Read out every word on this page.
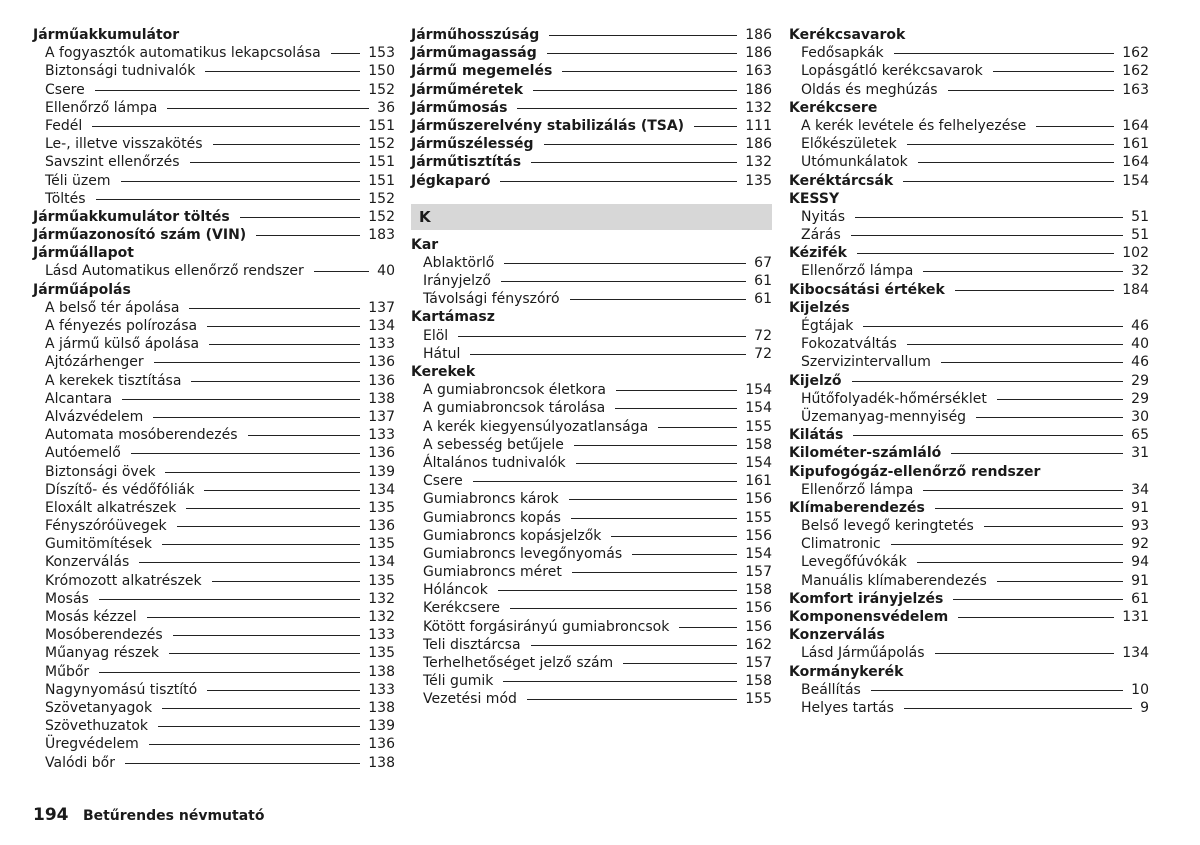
Járműakkumulátor
A fogyasztók automatikus lekapcsolása	153
Biztonsági tudnivalók	150
Csere	152
Ellenőrző lámpa	36
Fedél	151
Le-, illetve visszakötés	152
Savszint ellenőrzés	151
Téli üzem	151
Töltés	152
Járműakkumulátor töltés	152
Járműazonosító szám (VIN)	183
Járműállapot
Lásd Automatikus ellenőrző rendszer	40
Járműápolás
A belső tér ápolása	137
A fényezés polírozása	134
A jármű külső ápolása	133
Ajtózárhenger	136
A kerekek tisztítása	136
Alcantara	138
Alvázvédelem	137
Automata mosóberendezés	133
Autóemelő	136
Biztonsági övek	139
Díszítő- és védőfóliák	134
Eloxált alkatrészek	135
Fényszóróüvegek	136
Gumitömítések	135
Konzerválás	134
Krómozott alkatrészek	135
Mosás	132
Mosás kézzel	132
Mosóberendezés	133
Műanyag részek	135
Műbőr	138
Nagynyomású tisztító	133
Szövetanyagok	138
Szövethuzatok	139
Üregvédelem	136
Valódi bőr	138
Járműhosszúság	186
Járműmagasság	186
Jármű megemelés	163
Járműméretek	186
Járműmosás	132
Járműszerelvény stabilizálás (TSA)	111
Járműszélesség	186
Járműtisztítás	132
Jégkaparó	135
K
Kar
Ablaktörlő	67
Irányjelző	61
Távolsági fényszóró	61
Kartámasz
Elöl	72
Hátul	72
Kerekek
A gumiabroncsok életkora	154
A gumiabroncsok tárolása	154
A kerék kiegyensúlyozatlansága	155
A sebesség betűjele	158
Általános tudnivalók	154
Csere	161
Gumiabroncs károk	156
Gumiabroncs kopás	155
Gumiabroncs kopásjelzők	156
Gumiabroncs levegőnyomás	154
Gumiabroncs méret	157
Hóláncok	158
Kerékcsere	156
Kötött forgásirányú gumiabroncsok	156
Teli disztárcsa	162
Terhelhetőséget jelző szám	157
Téli gumik	158
Vezetési mód	155
Kerékcsavarok
Fedősapkák	162
Lopásgátló kerékcsavarok	162
Oldás és meghúzás	163
Kerékcsere
A kerék levétele és felhelyezése	164
Előkészületek	161
Utómunkálatok	164
Keréktárcsák	154
KESSY
Nyitás	51
Zárás	51
Kézifék	102
Ellenőrző lámpa	32
Kibocsátási értékek	184
Kijelzés
Égtájak	46
Fokozatváltás	40
Szervizintervallum	46
Kijelző	29
Hűtőfolyadék-hőmérséklet	29
Üzemanyag-mennyiség	30
Kilátás	65
Kilométer-számláló	31
Kipufogógáz-ellenőrző rendszer
Ellenőrző lámpa	34
Klímaberendezés	91
Belső levegő keringtetés	93
Climatronic	92
Levegőfúvókák	94
Manuális klímaberendezés	91
Komfort irányjelzés	61
Komponensvédelem	131
Konzerválás
Lásd Járműápolás	134
Kormánykerék
Beállítás	10
Helyes tartás	9
194 Betűrendes névmutató
